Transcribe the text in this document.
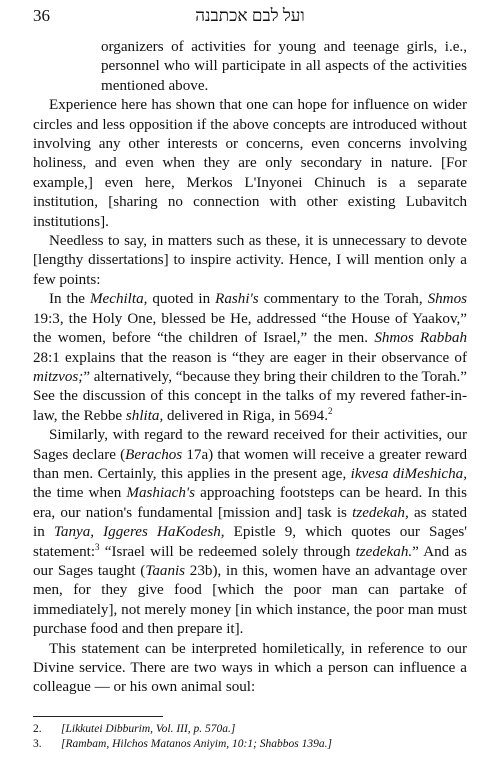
36	ועל לבם אכתבנה

organizers of activities for young and teenage girls, i.e., personnel who will participate in all aspects of the activities mentioned above.

Experience here has shown that one can hope for influence on wider circles and less opposition if the above concepts are introduced without involving any other interests or concerns, even concerns involving holiness, and even when they are only secondary in nature. [For example,] even here, Merkos L'Inyonei Chinuch is a separate institution, [sharing no connection with other existing Lubavitch institutions].

Needless to say, in matters such as these, it is unnecessary to devote [lengthy dissertations] to inspire activity. Hence, I will mention only a few points:

In the Mechilta, quoted in Rashi's commentary to the Torah, Shmos 19:3, the Holy One, blessed be He, addressed “the House of Yaakov,” the women, before “the children of Israel,” the men. Shmos Rabbah 28:1 explains that the reason is “they are eager in their observance of mitzvos;” alternatively, “because they bring their children to the Torah.” See the discussion of this concept in the talks of my revered father-in-law, the Rebbe shlita, delivered in Riga, in 5694.$^2$

Similarly, with regard to the reward received for their activities, our Sages declare (Berachos 17a) that women will receive a greater reward than men. Certainly, this applies in the present age, ikvesa diMeshicha, the time when Mashiach's approaching footsteps can be heard. In this era, our nation's fundamental [mission and] task is tzedekah, as stated in Tanya, Iggeres HaKodesh, Epistle 9, which quotes our Sages' statement:$^3$ “Israel will be redeemed solely through tzedekah.” And as our Sages taught (Taanis 23b), in this, women have an advantage over men, for they give food [which the poor man can partake of immediately], not merely money [in which instance, the poor man must purchase food and then prepare it].

This statement can be interpreted homiletically, in reference to our Divine service. There are two ways in which a person can influence a colleague — or his own animal soul:

2.	[Likkutei Dibburim, Vol. III, p. 570a.]
3.	[Rambam, Hilchos Matanos Aniyim, 10:1; Shabbos 139a.]
